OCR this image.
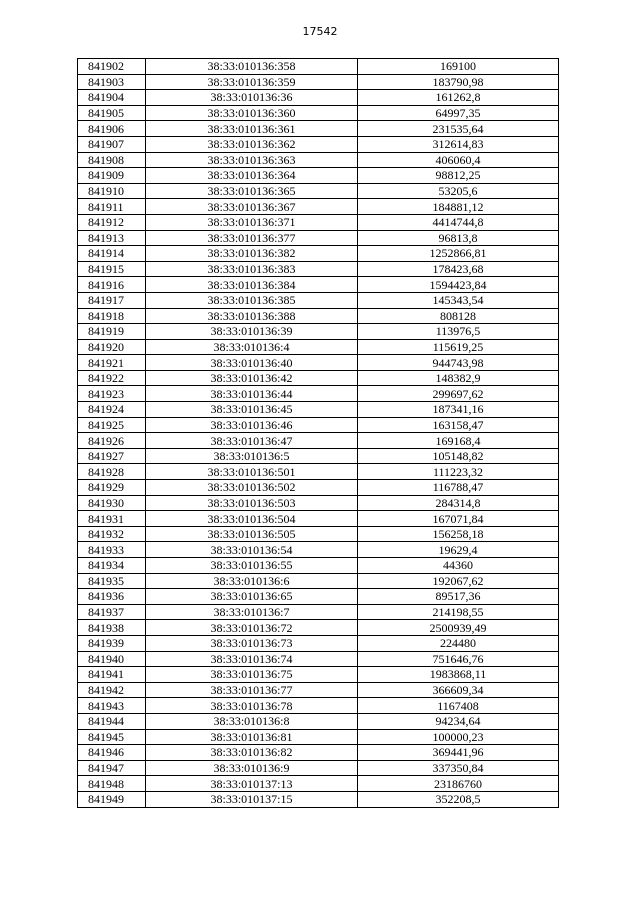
17542
841902	38:33:010136:358	169100
841903	38:33:010136:359	183790,98
841904	38:33:010136:36	161262,8
841905	38:33:010136:360	64997,35
841906	38:33:010136:361	231535,64
841907	38:33:010136:362	312614,83
841908	38:33:010136:363	406060,4
841909	38:33:010136:364	98812,25
841910	38:33:010136:365	53205,6
841911	38:33:010136:367	184881,12
841912	38:33:010136:371	4414744,8
841913	38:33:010136:377	96813,8
841914	38:33:010136:382	1252866,81
841915	38:33:010136:383	178423,68
841916	38:33:010136:384	1594423,84
841917	38:33:010136:385	145343,54
841918	38:33:010136:388	808128
841919	38:33:010136:39	113976,5
841920	38:33:010136:4	115619,25
841921	38:33:010136:40	944743,98
841922	38:33:010136:42	148382,9
841923	38:33:010136:44	299697,62
841924	38:33:010136:45	187341,16
841925	38:33:010136:46	163158,47
841926	38:33:010136:47	169168,4
841927	38:33:010136:5	105148,82
841928	38:33:010136:501	111223,32
841929	38:33:010136:502	116788,47
841930	38:33:010136:503	284314,8
841931	38:33:010136:504	167071,84
841932	38:33:010136:505	156258,18
841933	38:33:010136:54	19629,4
841934	38:33:010136:55	44360
841935	38:33:010136:6	192067,62
841936	38:33:010136:65	89517,36
841937	38:33:010136:7	214198,55
841938	38:33:010136:72	2500939,49
841939	38:33:010136:73	224480
841940	38:33:010136:74	751646,76
841941	38:33:010136:75	1983868,11
841942	38:33:010136:77	366609,34
841943	38:33:010136:78	1167408
841944	38:33:010136:8	94234,64
841945	38:33:010136:81	100000,23
841946	38:33:010136:82	369441,96
841947	38:33:010136:9	337350,84
841948	38:33:010137:13	23186760
841949	38:33:010137:15	352208,5
